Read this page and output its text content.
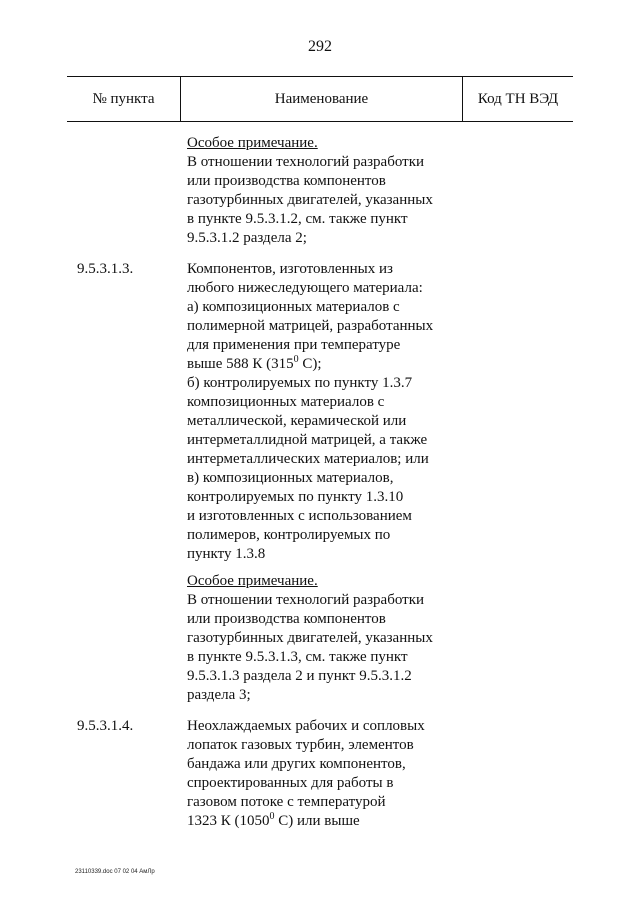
292
№ пункта	Наименование	Код ТН ВЭД
Особое примечание.
В отношении технологий разработки
или производства компонентов
газотурбинных двигателей, указанных
в пункте 9.5.3.1.2, см. также пункт
9.5.3.1.2 раздела 2;
9.5.3.1.3.	Компонентов, изготовленных из
любого нижеследующего материала:
а) композиционных материалов с
полимерной матрицей, разработанных
для применения при температуре
выше 588 К ($315^0$ С);
б) контролируемых по пункту 1.3.7
композиционных материалов с
металлической, керамической или
интерметаллидной матрицей, а также
интерметаллических материалов; или
в) композиционных материалов,
контролируемых по пункту 1.3.10
и изготовленных с использованием
полимеров, контролируемых по
пункту 1.3.8
Особое примечание.
В отношении технологий разработки
или производства компонентов
газотурбинных двигателей, указанных
в пункте 9.5.3.1.3, см. также пункт
9.5.3.1.3 раздела 2 и пункт 9.5.3.1.2
раздела 3;
9.5.3.1.4.	Неохлаждаемых рабочих и сопловых
лопаток газовых турбин, элементов
бандажа или других компонентов,
спроектированных для работы в
газовом потоке с температурой
1323 К (1050$^0$ С) или выше
23110339.doc 07 02 04 АмЛр
